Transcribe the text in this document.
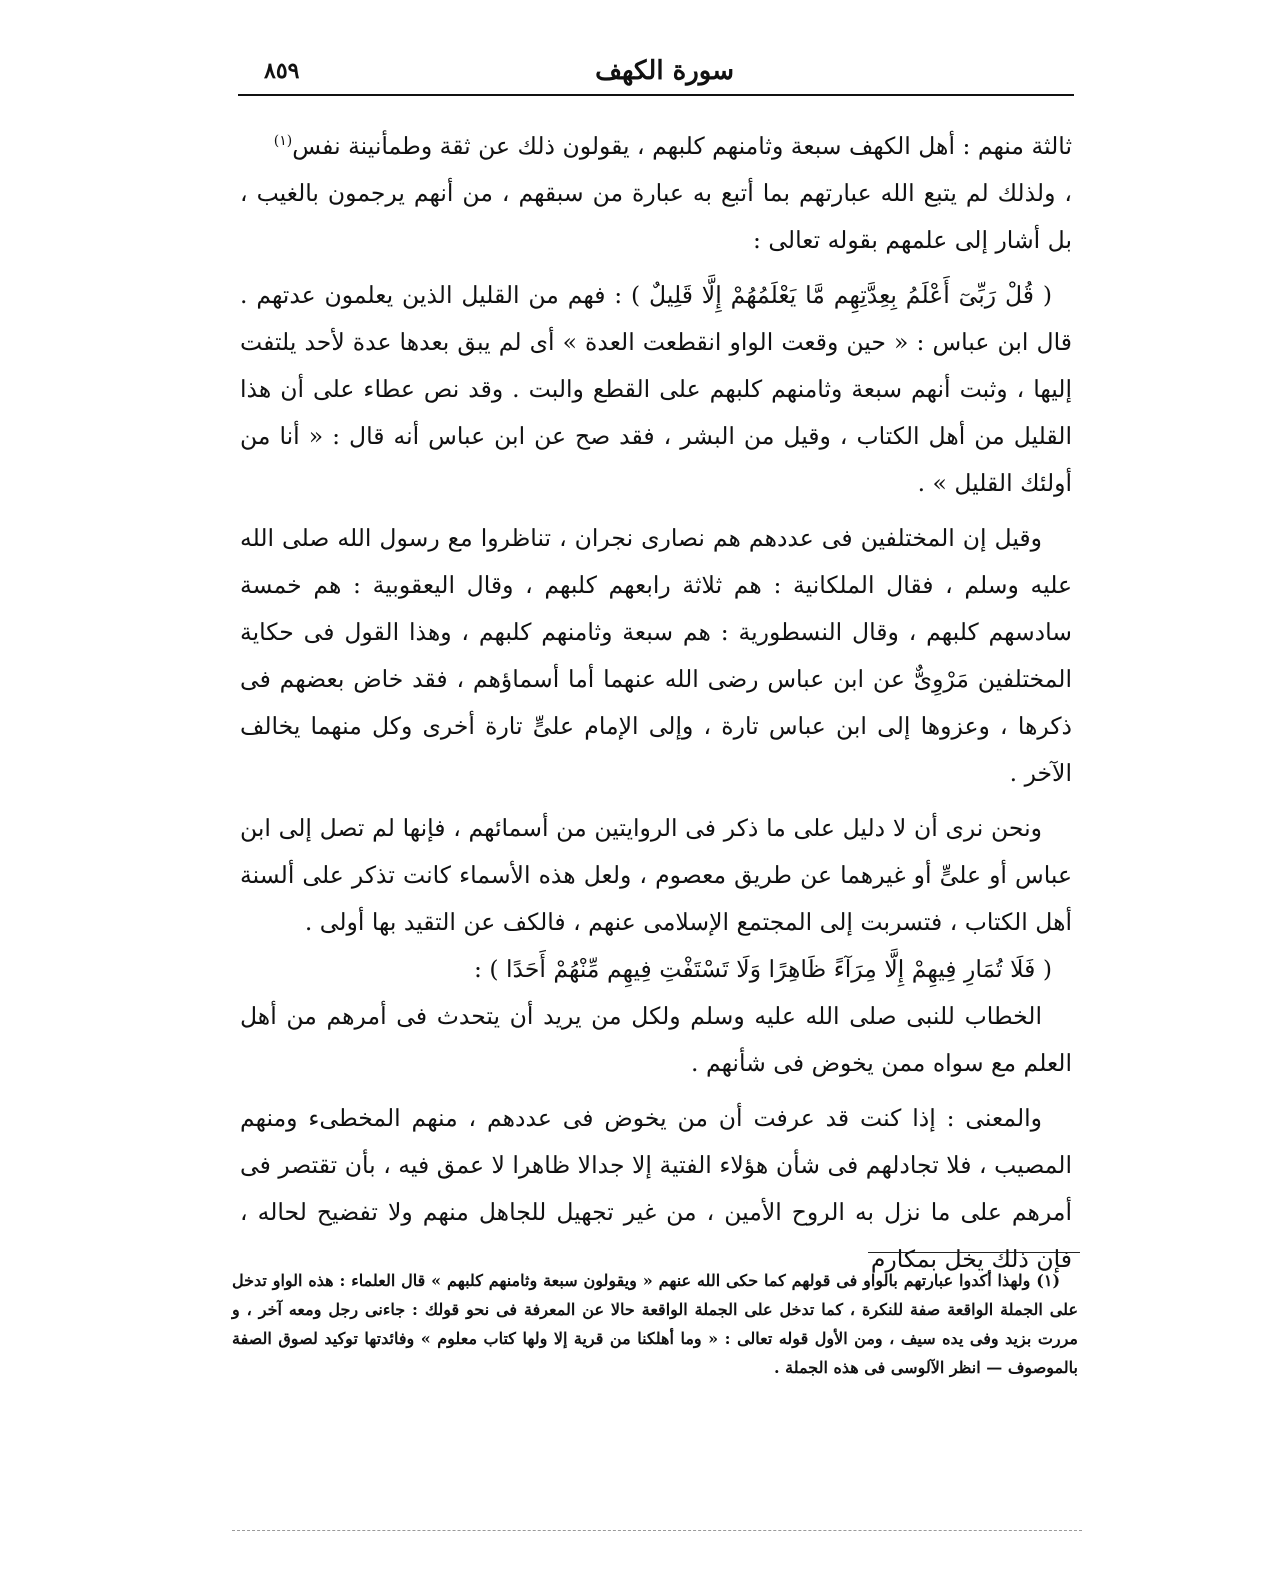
سورة الكهف
٨٥٩

ثالثة منهم : أهل الكهف سبعة وثامنهم كلبهم ، يقولون ذلك عن ثقة وطمأنينة نفس$^{(١)}$

، ولذلك لم يتبع الله عبارتهم بما أتبع به عبارة من سبقهم ، من أنهم يرجمون بالغيب ، بل أشار إلى علمهم بقوله تعالى :

( قُلْ رَبِّىٓ أَعْلَمُ بِعِدَّتِهِم مَّا يَعْلَمُهُمْ إِلَّا قَلِيلٌ ) : فهم من القليل الذين يعلمون عدتهم . قال ابن عباس : « حين وقعت الواو انقطعت العدة » أى لم يبق بعدها عدة لأحد يلتفت إليها ، وثبت أنهم سبعة وثامنهم كلبهم على القطع والبت . وقد نص عطاء على أن هذا القليل من أهل الكتاب ، وقيل من البشر ، فقد صح عن ابن عباس أنه قال : « أنا من أولئك القليل » .

وقيل إن المختلفين فى عددهم هم نصارى نجران ، تناظروا مع رسول الله صلى الله عليه وسلم ، فقال الملكانية : هم ثلاثة رابعهم كلبهم ، وقال اليعقوبية : هم خمسة سادسهم كلبهم ، وقال النسطورية : هم سبعة وثامنهم كلبهم ، وهذا القول فى حكاية المختلفين مَرْوِىٌّ عن ابن عباس رضى الله عنهما أما أسماؤهم ، فقد خاض بعضهم فى ذكرها ، وعزوها إلى ابن عباس تارة ، وإلى الإمام علىٍّ تارة أخرى وكل منهما يخالف الآخر .

ونحن نرى أن لا دليل على ما ذكر فى الروايتين من أسمائهم ، فإنها لم تصل إلى ابن عباس أو علىٍّ أو غيرهما عن طريق معصوم ، ولعل هذه الأسماء كانت تذكر على ألسنة أهل الكتاب ، فتسربت إلى المجتمع الإسلامى عنهم ، فالكف عن التقيد بها أولى .

( فَلَا تُمَارِ فِيهِمْ إِلَّا مِرَآءً ظَاهِرًا وَلَا تَسْتَفْتِ فِيهِم مِّنْهُمْ أَحَدًا ) :

الخطاب للنبى صلى الله عليه وسلم ولكل من يريد أن يتحدث فى أمرهم من أهل العلم مع سواه ممن يخوض فى شأنهم .

والمعنى : إذا كنت قد عرفت أن من يخوض فى عددهم ، منهم المخطىء ومنهم المصيب ، فلا تجادلهم فى شأن هؤلاء الفتية إلا جدالا ظاهرا لا عمق فيه ، بأن تقتصر فى أمرهم على ما نزل به الروح الأمين ، من غير تجهيل للجاهل منهم ولا تفضيح لحاله ، فإن ذلك يخل بمكارم

(١) ولهذا أكدوا عبارتهم بالواو فى قولهم كما حكى الله عنهم « ويقولون سبعة وثامنهم كلبهم » قال العلماء : هذه الواو تدخل على الجملة الواقعة صفة للنكرة ، كما تدخل على الجملة الواقعة حالا عن المعرفة فى نحو قولك : جاءنى رجل ومعه آخر ، و مررت بزيد وفى يده سيف ، ومن الأول قوله تعالى : « وما أهلكنا من قرية إلا ولها كتاب معلوم » وفائدتها توكيد لصوق الصفة بالموصوف — انظر الآلوسى فى هذه الجملة .
